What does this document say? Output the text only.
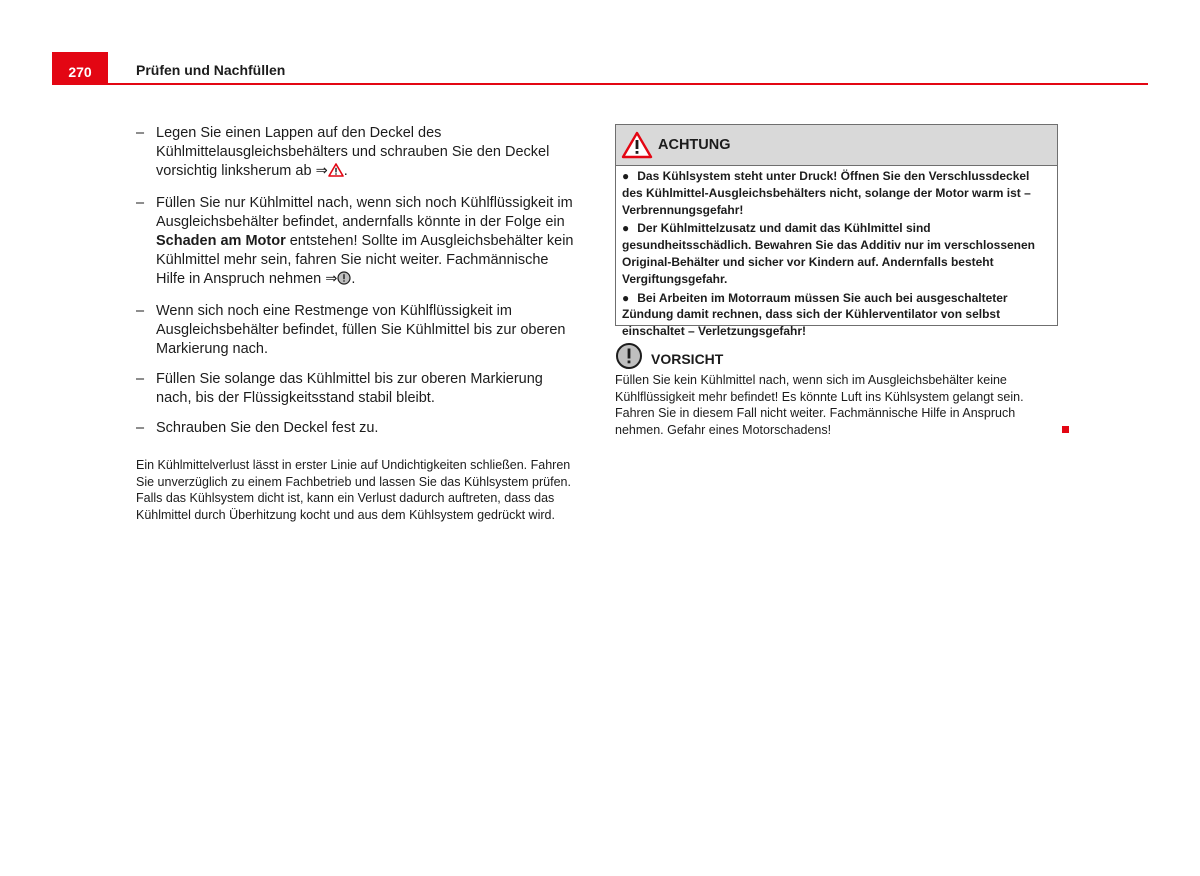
270	Prüfen und Nachfüllen
– Legen Sie einen Lappen auf den Deckel des Kühlmittelausgleichsbehälters und schrauben Sie den Deckel vorsichtig linksherum ab ⇒ .
– Füllen Sie nur Kühlmittel nach, wenn sich noch Kühlflüssigkeit im Ausgleichsbehälter befindet, andernfalls könnte in der Folge ein Schaden am Motor entstehen! Sollte im Ausgleichsbehälter kein Kühlmittel mehr sein, fahren Sie nicht weiter. Fachmännische Hilfe in Anspruch nehmen ⇒ .
– Wenn sich noch eine Restmenge von Kühlflüssigkeit im Ausgleichsbehälter befindet, füllen Sie Kühlmittel bis zur oberen Markierung nach.
– Füllen Sie solange das Kühlmittel bis zur oberen Markierung nach, bis der Flüssigkeitsstand stabil bleibt.
– Schrauben Sie den Deckel fest zu.

Ein Kühlmittelverlust lässt in erster Linie auf Undichtigkeiten schließen. Fahren Sie unverzüglich zu einem Fachbetrieb und lassen Sie das Kühlsystem prüfen. Falls das Kühlsystem dicht ist, kann ein Verlust dadurch auftreten, dass das Kühlmittel durch Überhitzung kocht und aus dem Kühlsystem gedrückt wird.

ACHTUNG

● Das Kühlsystem steht unter Druck! Öffnen Sie den Verschlussdeckel des Kühlmittel-Ausgleichsbehälters nicht, solange der Motor warm ist – Verbrennungsgefahr!

● Der Kühlmittelzusatz und damit das Kühlmittel sind gesundheitsschädlich. Bewahren Sie das Additiv nur im verschlossenen Original-Behälter und sicher vor Kindern auf. Andernfalls besteht Vergiftungsgefahr.

● Bei Arbeiten im Motorraum müssen Sie auch bei ausgeschalteter Zündung damit rechnen, dass sich der Kühlerventilator von selbst einschaltet – Verletzungsgefahr!

VORSICHT

Füllen Sie kein Kühlmittel nach, wenn sich im Ausgleichsbehälter keine Kühlflüssigkeit mehr befindet! Es könnte Luft ins Kühlsystem gelangt sein. Fahren Sie in diesem Fall nicht weiter. Fachmännische Hilfe in Anspruch nehmen. Gefahr eines Motorschadens!
